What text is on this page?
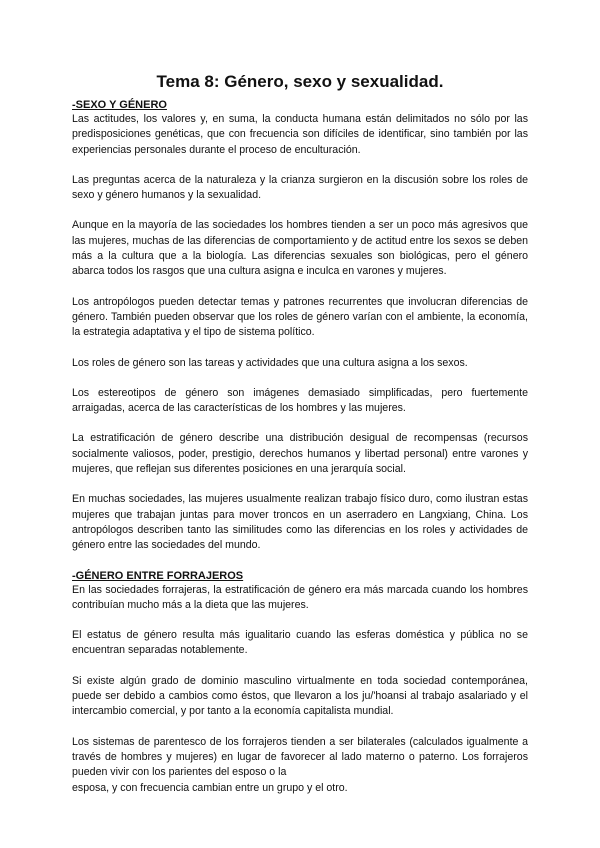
Tema 8: Género, sexo y sexualidad.

-SEXO Y GÉNERO

Las actitudes, los valores y, en suma, la conducta humana están delimitados no sólo por las predisposiciones genéticas, que con frecuencia son difíciles de identificar, sino también por las experiencias personales durante el proceso de enculturación.

Las preguntas acerca de la naturaleza y la crianza surgieron en la discusión sobre los roles de sexo y género humanos y la sexualidad.

Aunque en la mayoría de las sociedades los hombres tienden a ser un poco más agresivos que las mujeres, muchas de las diferencias de comportamiento y de actitud entre los sexos se deben más a la cultura que a la biología. Las diferencias sexuales son biológicas, pero el género abarca todos los rasgos que una cultura asigna e inculca en varones y mujeres.

Los antropólogos pueden detectar temas y patrones recurrentes que involucran diferencias de género. También pueden observar que los roles de género varían con el ambiente, la economía, la estrategia adaptativa y el tipo de sistema político.

Los roles de género son las tareas y actividades que una cultura asigna a los sexos.

Los estereotipos de género son imágenes demasiado simplificadas, pero fuertemente arraigadas, acerca de las características de los hombres y las mujeres.

La estratificación de género describe una distribución desigual de recompensas (recursos socialmente valiosos, poder, prestigio, derechos humanos y libertad personal) entre varones y mujeres, que reflejan sus diferentes posiciones en una jerarquía social.

En muchas sociedades, las mujeres usualmente realizan trabajo físico duro, como ilustran estas mujeres que trabajan juntas para mover troncos en un aserradero en Langxiang, China. Los antropólogos describen tanto las similitudes como las diferencias en los roles y actividades de género entre las sociedades del mundo.

-GÉNERO ENTRE FORRAJEROS

En las sociedades forrajeras, la estratificación de género era más marcada cuando los hombres contribuían mucho más a la dieta que las mujeres.

El estatus de género resulta más igualitario cuando las esferas doméstica y pública no se encuentran separadas notablemente.

Si existe algún grado de dominio masculino virtualmente en toda sociedad contemporánea, puede ser debido a cambios como éstos, que llevaron a los ju/'hoansi al trabajo asalariado y el intercambio comercial, y por tanto a la economía capitalista mundial.

Los sistemas de parentesco de los forrajeros tienden a ser bilaterales (calculados igualmente a través de hombres y mujeres) en lugar de favorecer al lado materno o paterno. Los forrajeros pueden vivir con los parientes del esposo o la

esposa, y con frecuencia cambian entre un grupo y el otro.
